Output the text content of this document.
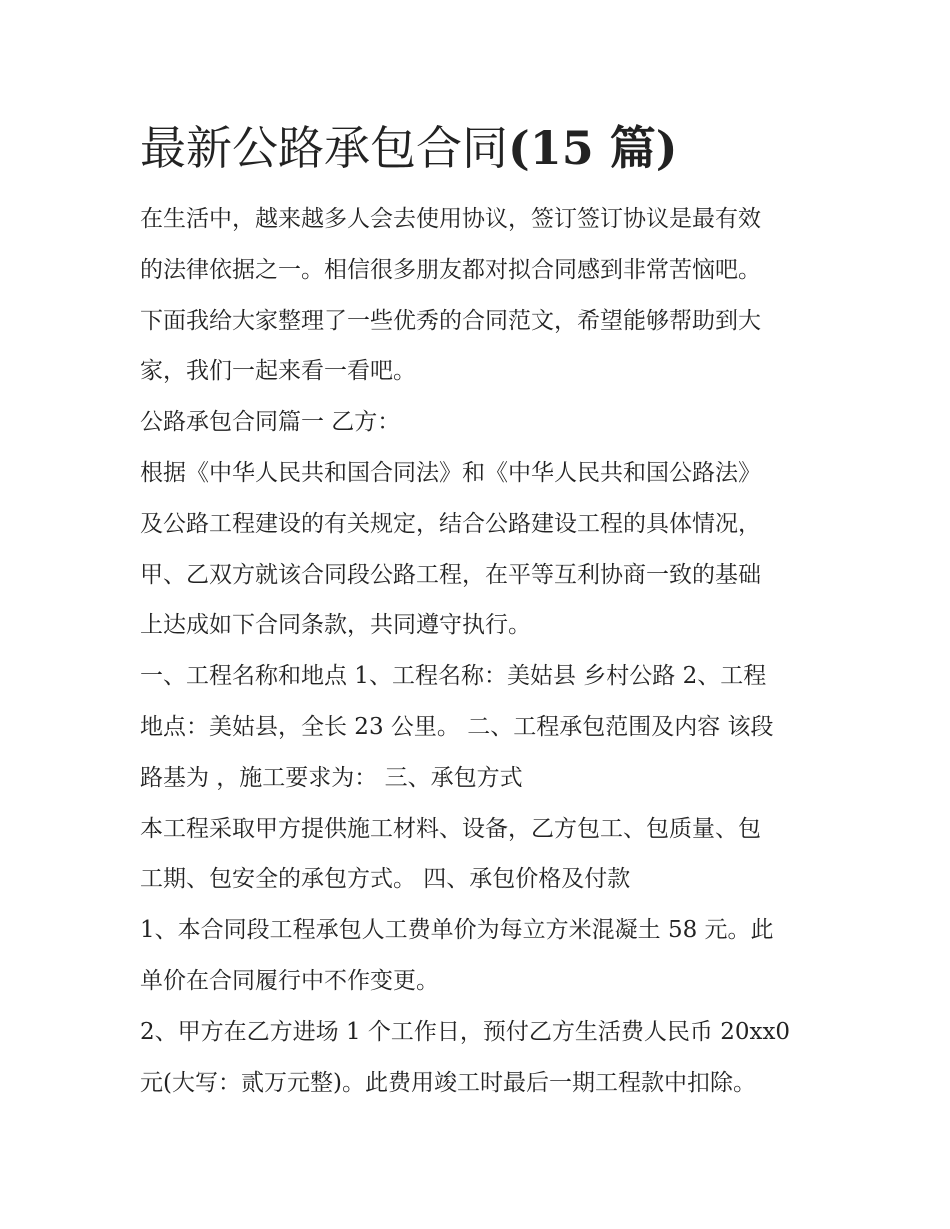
最新公路承包合同(15 篇)

在生活中，越来越多人会去使用协议，签订签订协议是最有效
的法律依据之一。相信很多朋友都对拟合同感到非常苦恼吧。
下面我给大家整理了一些优秀的合同范文，希望能够帮助到大
家，我们一起来看一看吧。

公路承包合同篇一 乙方：

根据《中华人民共和国合同法》和《中华人民共和国公路法》
及公路工程建设的有关规定，结合公路建设工程的具体情况，
甲、乙双方就该合同段公路工程，在平等互利协商一致的基础
上达成如下合同条款，共同遵守执行。

一、工程名称和地点 1、工程名称：美姑县 乡村公路 2、工程
地点：美姑县，全长 23 公里。 二、工程承包范围及内容 该段
路基为 ，施工要求为： 三、承包方式

本工程采取甲方提供施工材料、设备，乙方包工、包质量、包
工期、包安全的承包方式。 四、承包价格及付款

1、本合同段工程承包人工费单价为每立方米混凝土 58 元。此
单价在合同履行中不作变更。

2、甲方在乙方进场 1 个工作日，预付乙方生活费人民币 20xx0
元(大写：贰万元整)。此费用竣工时最后一期工程款中扣除。
